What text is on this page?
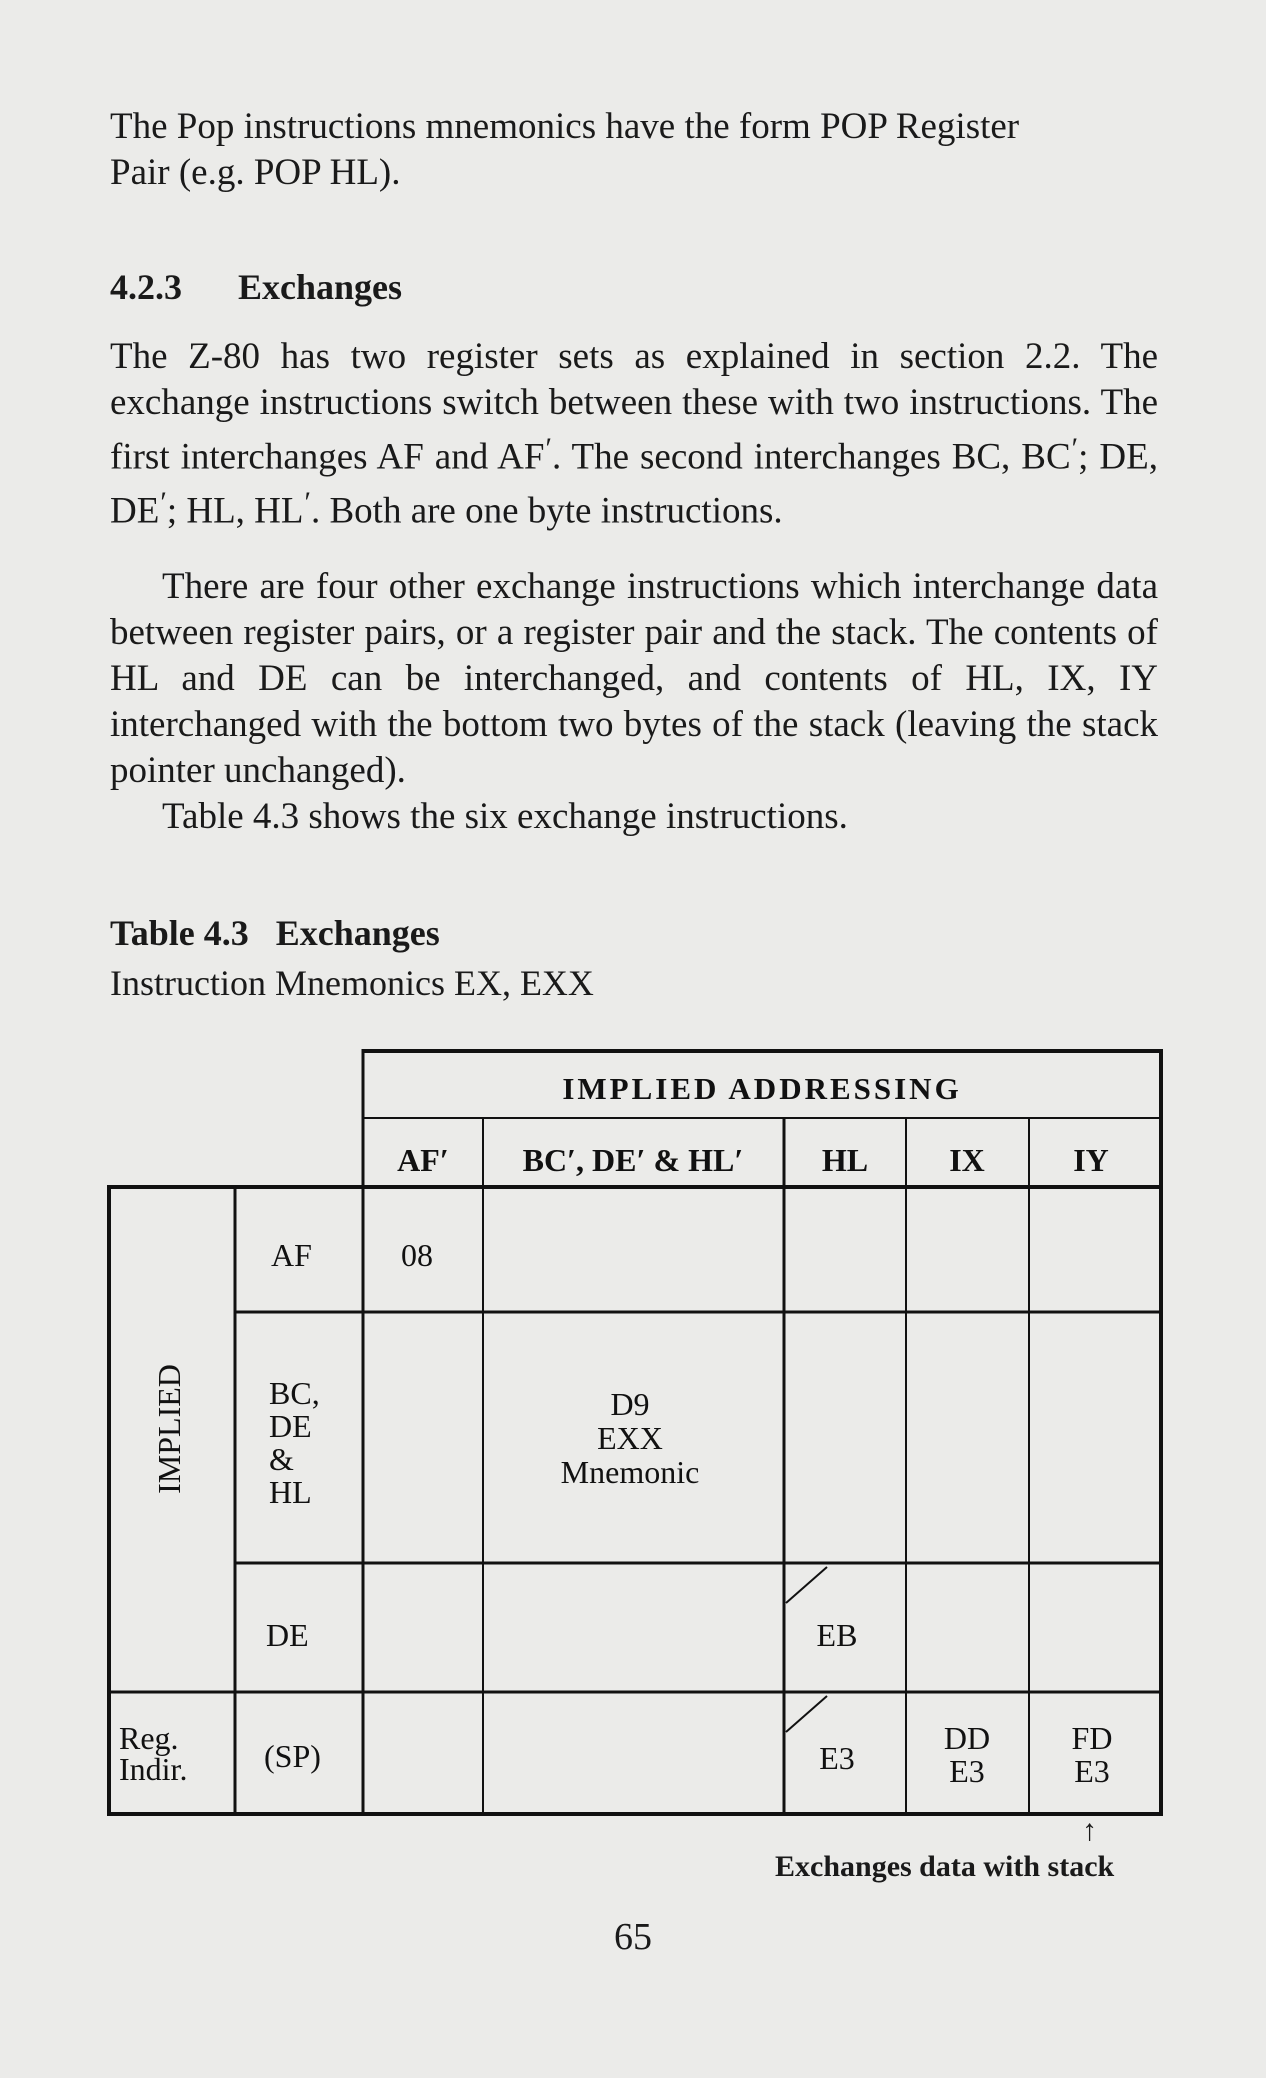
The Pop instructions mnemonics have the form POP Register
Pair (e.g. POP HL).
4.2.3 Exchanges
The Z-80 has two register sets as explained in section 2.2. The exchange instructions switch between these with two instructions. The first interchanges AF and AF′. The second interchanges BC, BC′; DE, DE′; HL, HL′. Both are one byte instructions.
There are four other exchange instructions which interchange data between register pairs, or a register pair and the stack. The contents of HL and DE can be interchanged, and contents of HL, IX, IY interchanged with the bottom two bytes of the stack (leaving the stack pointer unchanged).
Table 4.3 shows the six exchange instructions.
Table 4.3 Exchanges
Instruction Mnemonics EX, EXX
IMPLIED ADDRESSING
AF′ BC′, DE′ & HL′ HL	IX	IY
IMPLIED
Reg.
Indir.
AF
BC,
DE
&
HL
DE
(SP)
08
D9
EXX
Mnemonic
EB
E3
DD
E3
FD
E3
↑
Exchanges data with stack
65
